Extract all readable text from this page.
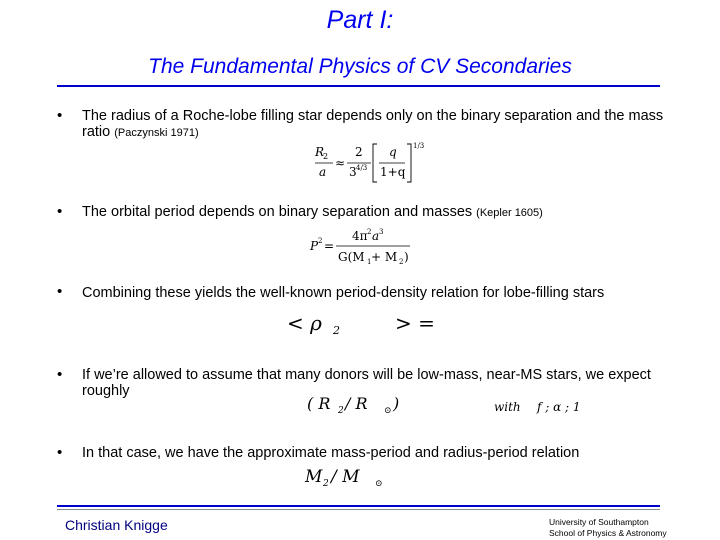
Part I:
The Fundamental Physics of CV Secondaries
• The radius of a Roche-lobe filling star depends only on the binary separation and the mass ratio (Paczynski 1971)
R
2
a
≈
2
3 4/3
q
1+q
1/3
• The orbital period depends on binary separation and masses (Kepler 1605)
P 2 =
4π 2 a 3
G(M 1 + M 2 )
• Combining these yields the well-known period-density relation for lobe-filling stars
< ρ 2	> =
• If we’re allowed to assume that many donors will be low-mass, near-MS stars, we expect roughly
( R 2 / R ⊙ )	with f ; α ; 1
• In that case, we have the approximate mass-period and radius-period relation
M 2 / M ⊙
Christian Knigge	University of Southampton
School of Physics & Astronomy
